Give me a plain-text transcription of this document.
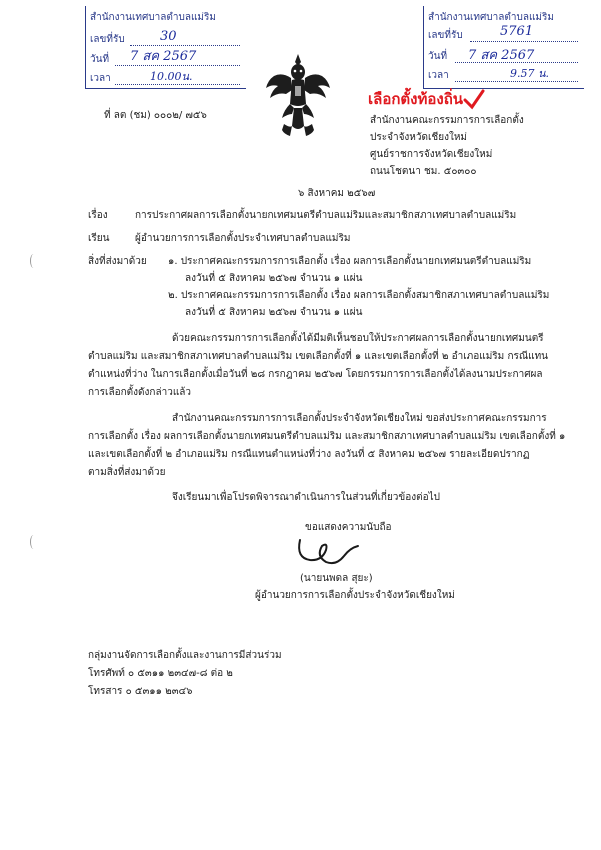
สำนักงานเทศบาลตำบลแม่ริม
เลขที่รับ	30
วันที่ 7 สค 2567
เวลา	10.00น.
สำนักงานเทศบาลตำบลแม่ริม
เลขที่รับ	5761
วันที่ 7 สค 2567
เวลา	9.57 น.
เลือกตั้งท้องถิ่น
ที่ ลต (ชม) ๐๐๐๒/ ๗๕๖	สำนักงานคณะกรรมการการเลือกตั้ง
ประจำจังหวัดเชียงใหม่
ศูนย์ราชการจังหวัดเชียงใหม่
ถนนโชตนา ชม. ๕๐๓๐๐
๖ สิงหาคม ๒๕๖๗
เรื่อง	การประกาศผลการเลือกตั้งนายกเทศมนตรีตำบลแม่ริมและสมาชิกสภาเทศบาลตำบลแม่ริม
เรียน	ผู้อำนวยการการเลือกตั้งประจำเทศบาลตำบลแม่ริม
สิ่งที่ส่งมาด้วย ๑. ประกาศคณะกรรมการการเลือกตั้ง เรื่อง ผลการเลือกตั้งนายกเทศมนตรีตำบลแม่ริม
ลงวันที่ ๕ สิงหาคม ๒๕๖๗ จำนวน ๑ แผ่น
๒. ประกาศคณะกรรมการการเลือกตั้ง เรื่อง ผลการเลือกตั้งสมาชิกสภาเทศบาลตำบลแม่ริม
ลงวันที่ ๕ สิงหาคม ๒๕๖๗ จำนวน ๑ แผ่น
ด้วยคณะกรรมการการเลือกตั้งได้มีมติเห็นชอบให้ประกาศผลการเลือกตั้งนายกเทศมนตรี
ตำบลแม่ริม และสมาชิกสภาเทศบาลตำบลแม่ริม เขตเลือกตั้งที่ ๑ และเขตเลือกตั้งที่ ๒ อำเภอแม่ริม กรณีแทน
ตำแหน่งที่ว่าง ในการเลือกตั้งเมื่อวันที่ ๒๘ กรกฎาคม ๒๕๖๗ โดยกรรมการการเลือกตั้งได้ลงนามประกาศผล
การเลือกตั้งดังกล่าวแล้ว
สำนักงานคณะกรรมการการเลือกตั้งประจำจังหวัดเชียงใหม่ ขอส่งประกาศคณะกรรมการ
การเลือกตั้ง เรื่อง ผลการเลือกตั้งนายกเทศมนตรีตำบลแม่ริม และสมาชิกสภาเทศบาลตำบลแม่ริม เขตเลือกตั้งที่ ๑
และเขตเลือกตั้งที่ ๒ อำเภอแม่ริม กรณีแทนตำแหน่งที่ว่าง ลงวันที่ ๕ สิงหาคม ๒๕๖๗ รายละเอียดปรากฏ
ตามสิ่งที่ส่งมาด้วย
จึงเรียนมาเพื่อโปรดพิจารณาดำเนินการในส่วนที่เกี่ยวข้องต่อไป
ขอแสดงความนับถือ
(นายนพดล สุยะ)
ผู้อำนวยการการเลือกตั้งประจำจังหวัดเชียงใหม่
กลุ่มงานจัดการเลือกตั้งและงานการมีส่วนร่วม
โทรศัพท์ ๐ ๕๓๑๑ ๒๓๔๗-๘ ต่อ ๒
โทรสาร ๐ ๕๓๑๑ ๒๓๔๖
